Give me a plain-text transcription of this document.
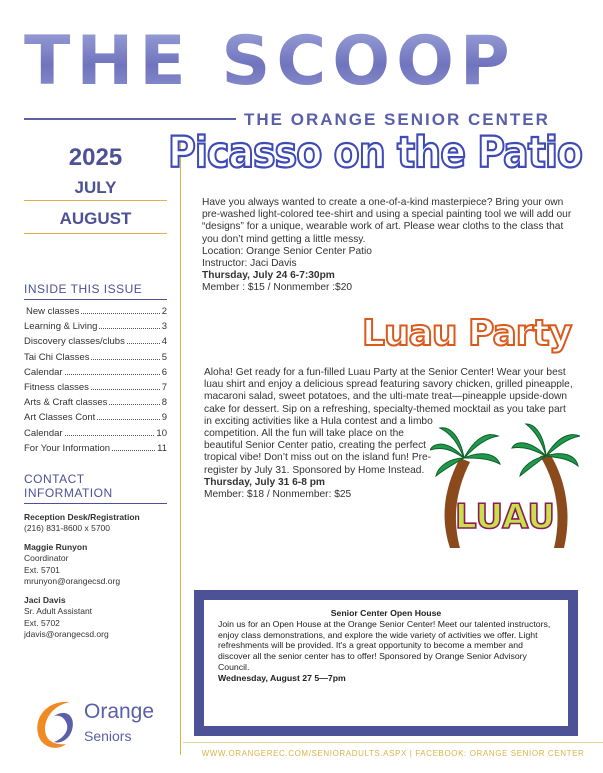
THE SCOOP
THE ORANGE SENIOR CENTER
2025
JULY
AUGUST
INSIDE THIS ISSUE
New classes	2
Learning & Living	3
Discovery classes/clubs	4
Tai Chi Classes	5
Calendar	6
Fitness classes	7
Arts & Craft classes	8
Art Classes Cont	9
Calendar	10
For Your Information	11
CONTACT INFORMATION
Reception Desk/Registration
(216) 831-8600 x 5700
Maggie Runyon
Coordinator
Ext. 5701
mrunyon@orangecsd.org
Jaci Davis
Sr. Adult Assistant
Ext. 5702
jdavis@orangecsd.org
Orange
Seniors
Picasso on the Patio
Have you always wanted to create a one-of-a-kind masterpiece? Bring your own pre-washed light-colored tee-shirt and using a special painting tool we will add our “designs” for a unique, wearable work of art. Please wear cloths to the class that you don’t mind getting a little messy.
Location: Orange Senior Center Patio
Instructor: Jaci Davis
Thursday, July 24 6-7:30pm
Member : $15 / Nonmember :$20
Luau Party
Aloha! Get ready for a fun-filled Luau Party at the Senior Center! Wear your best luau shirt and enjoy a delicious spread featuring savory chicken, grilled pineapple, macaroni salad, sweet potatoes, and the ulti-mate treat—pineapple upside-down cake for dessert. Sip on a refreshing, specialty-themed mocktail as you take part
in exciting activities like a Hula contest and a limbo competition. All the fun will take place on the beautiful Senior Center patio, creating the perfect tropical vibe! Don’t miss out on the island fun! Pre-register by July 31. Sponsored by Home Instead.
Thursday, July 31 6-8 pm
Member: $18 / Nonmember: $25
LUAU
Senior Center Open House
Join us for an Open House at the Orange Senior Center! Meet our talented instructors, enjoy class demonstrations, and explore the wide variety of activities we offer. Light refreshments will be provided. It's a great opportunity to become a member and discover all the senior center has to offer! Sponsored by Orange Senior Advisory Council.
Wednesday, August 27 5—7pm
WWW.ORANGEREC.COM/SENIORADULTS.ASPX | FACEBOOK: ORANGE SENIOR CENTER
